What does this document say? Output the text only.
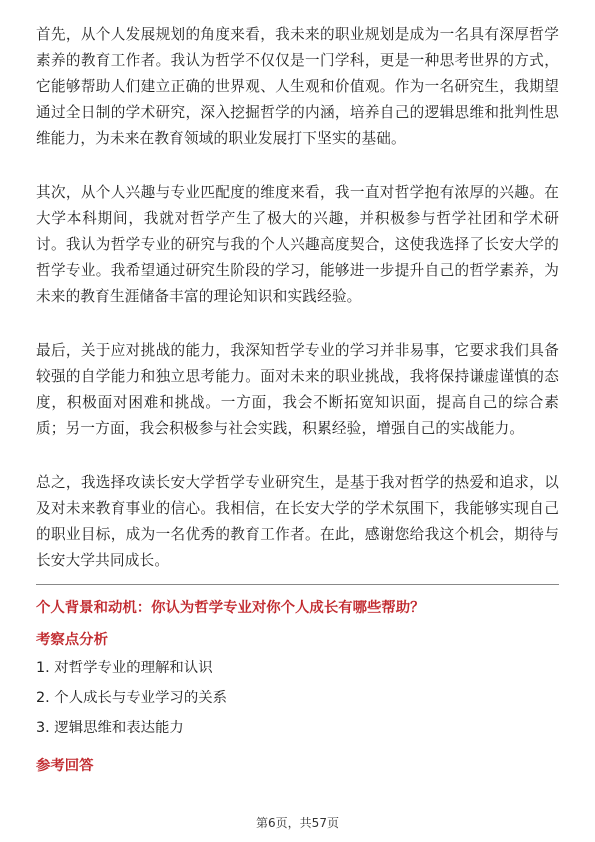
首先，从个人发展规划的角度来看，我未来的职业规划是成为一名具有深厚哲学素养的教育工作者。我认为哲学不仅仅是一门学科，更是一种思考世界的方式，它能够帮助人们建立正确的世界观、人生观和价值观。作为一名研究生，我期望通过全日制的学术研究，深入挖掘哲学的内涵，培养自己的逻辑思维和批判性思维能力，为未来在教育领域的职业发展打下坚实的基础。

其次，从个人兴趣与专业匹配度的维度来看，我一直对哲学抱有浓厚的兴趣。在大学本科期间，我就对哲学产生了极大的兴趣，并积极参与哲学社团和学术研讨。我认为哲学专业的研究与我的个人兴趣高度契合，这使我选择了长安大学的哲学专业。我希望通过研究生阶段的学习，能够进一步提升自己的哲学素养，为未来的教育生涯储备丰富的理论知识和实践经验。

最后，关于应对挑战的能力，我深知哲学专业的学习并非易事，它要求我们具备较强的自学能力和独立思考能力。面对未来的职业挑战，我将保持谦虚谨慎的态度，积极面对困难和挑战。一方面，我会不断拓宽知识面，提高自己的综合素质；另一方面，我会积极参与社会实践，积累经验，增强自己的实战能力。

总之，我选择攻读长安大学哲学专业研究生，是基于我对哲学的热爱和追求，以及对未来教育事业的信心。我相信，在长安大学的学术氛围下，我能够实现自己的职业目标，成为一名优秀的教育工作者。在此，感谢您给我这个机会，期待与长安大学共同成长。

个人背景和动机：你认为哲学专业对你个人成长有哪些帮助？
考察点分析
1. 对哲学专业的理解和认识
2. 个人成长与专业学习的关系
3. 逻辑思维和表达能力
参考回答
第6页，共57页
